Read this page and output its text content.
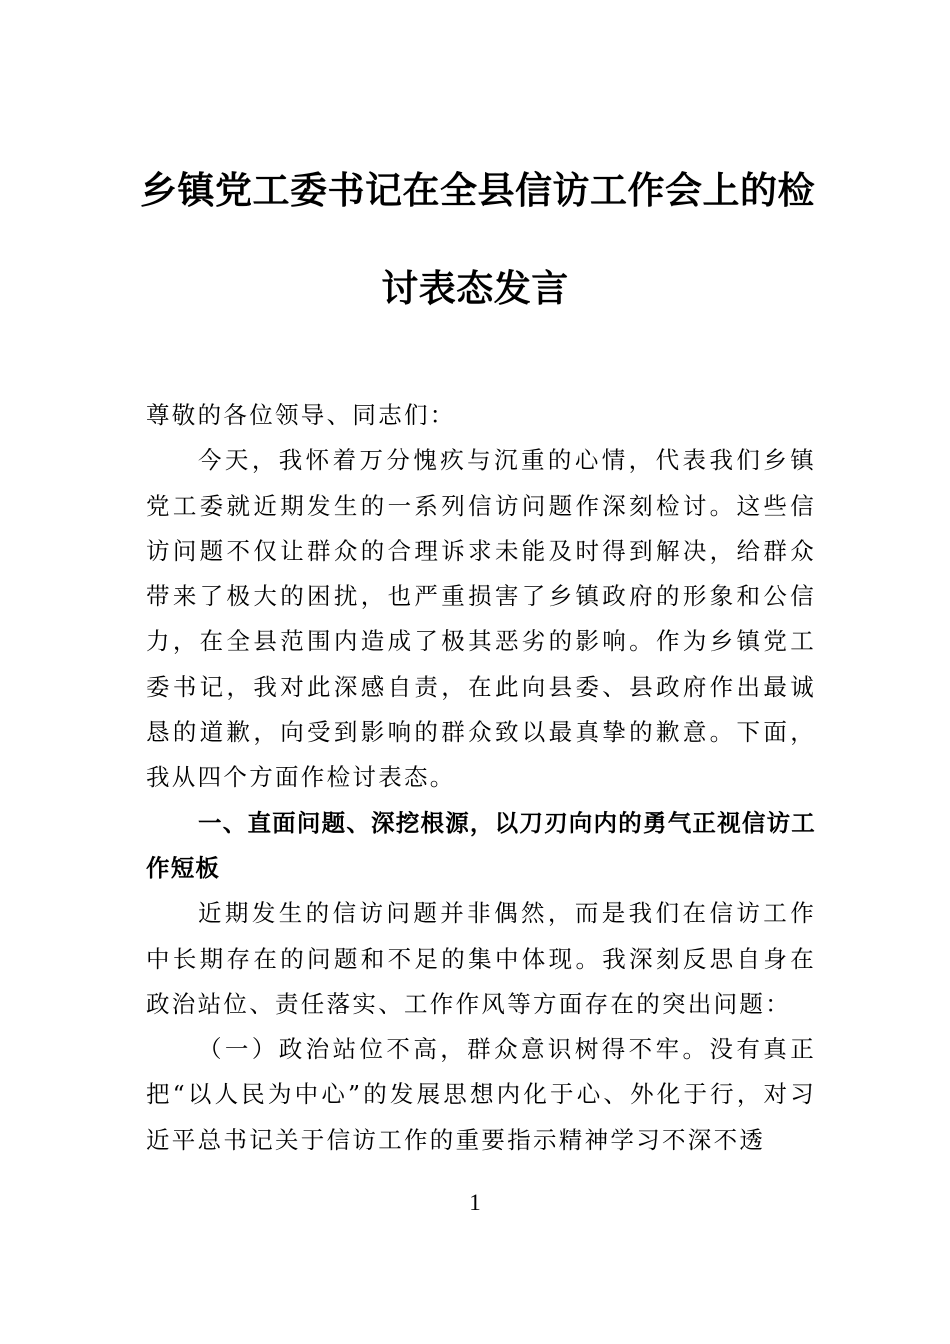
乡镇党工委书记在全县信访工作会上的检
讨表态发言

尊敬的各位领导、同志们：

今天，我怀着万分愧疚与沉重的心情，代表我们乡镇党工委就近期发生的一系列信访问题作深刻检讨。这些信访问题不仅让群众的合理诉求未能及时得到解决，给群众带来了极大的困扰，也严重损害了乡镇政府的形象和公信力，在全县范围内造成了极其恶劣的影响。作为乡镇党工委书记，我对此深感自责，在此向县委、县政府作出最诚恳的道歉，向受到影响的群众致以最真挚的歉意。下面，我从四个方面作检讨表态。

一、直面问题、深挖根源，以刀刃向内的勇气正视信访工作短板

近期发生的信访问题并非偶然，而是我们在信访工作中长期存在的问题和不足的集中体现。我深刻反思自身在政治站位、责任落实、工作作风等方面存在的突出问题：

（一）政治站位不高，群众意识树得不牢。没有真正把“以人民为中心”的发展思想内化于心、外化于行，对习近平总书记关于信访工作的重要指示精神学习不深不透

1
